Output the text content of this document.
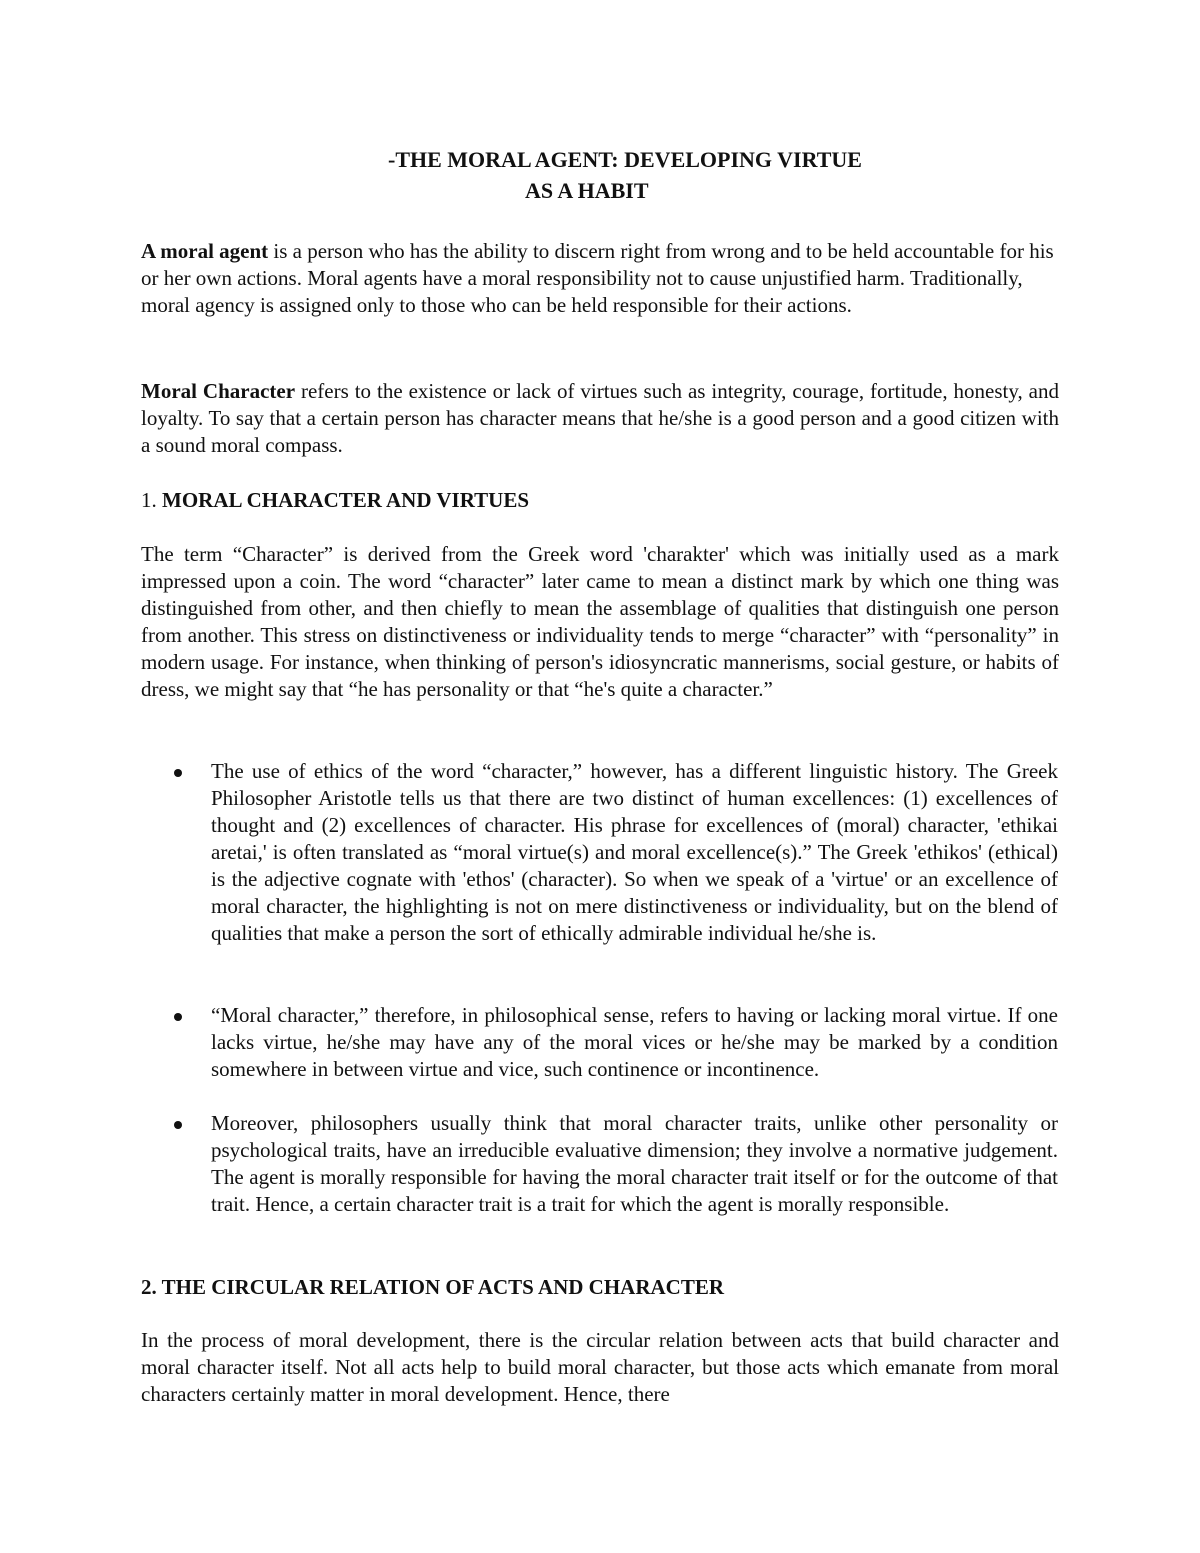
-THE MORAL AGENT: DEVELOPING VIRTUE
AS A HABIT

A moral agent is a person who has the ability to discern right from wrong and to be held accountable for his or her own actions. Moral agents have a moral responsibility not to cause unjustified harm. Traditionally, moral agency is assigned only to those who can be held responsible for their actions.

Moral Character refers to the existence or lack of virtues such as integrity, courage, fortitude, honesty, and loyalty. To say that a certain person has character means that he/she is a good person and a good citizen with a sound moral compass.

1. MORAL CHARACTER AND VIRTUES

The term “Character” is derived from the Greek word 'charakter' which was initially used as a mark impressed upon a coin. The word “character” later came to mean a distinct mark by which one thing was distinguished from other, and then chiefly to mean the assemblage of qualities that distinguish one person from another. This stress on distinctiveness or individuality tends to merge “character” with “personality” in modern usage. For instance, when thinking of person's idiosyncratic mannerisms, social gesture, or habits of dress, we might say that “he has personality or that “he's quite a character.”

The use of ethics of the word “character,” however, has a different linguistic history. The Greek Philosopher Aristotle tells us that there are two distinct of human excellences: (1) excellences of thought and (2) excellences of character. His phrase for excellences of (moral) character, 'ethikai aretai,' is often translated as “moral virtue(s) and moral excellence(s).” The Greek 'ethikos' (ethical) is the adjective cognate with 'ethos' (character). So when we speak of a 'virtue' or an excellence of moral character, the highlighting is not on mere distinctiveness or individuality, but on the blend of qualities that make a person the sort of ethically admirable individual he/she is.
“Moral character,” therefore, in philosophical sense, refers to having or lacking moral virtue. If one lacks virtue, he/she may have any of the moral vices or he/she may be marked by a condition somewhere in between virtue and vice, such continence or incontinence.
Moreover, philosophers usually think that moral character traits, unlike other personality or psychological traits, have an irreducible evaluative dimension; they involve a normative judgement. The agent is morally responsible for having the moral character trait itself or for the outcome of that trait. Hence, a certain character trait is a trait for which the agent is morally responsible.
2. THE CIRCULAR RELATION OF ACTS AND CHARACTER

In the process of moral development, there is the circular relation between acts that build character and moral character itself. Not all acts help to build moral character, but those acts which emanate from moral characters certainly matter in moral development. Hence, there
